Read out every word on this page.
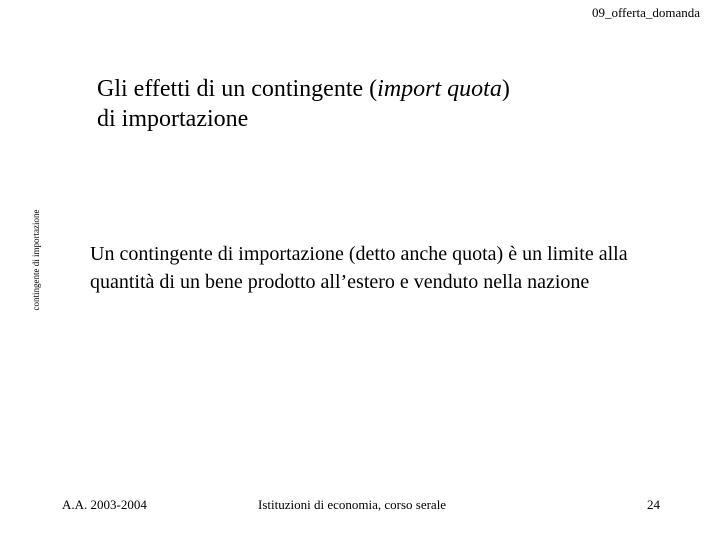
09_offerta_domanda
contingente di importazione
Gli effetti di un contingente (import quota)
di importazione
Un contingente di importazione (detto anche quota) è un limite alla quantità di un bene prodotto all’estero e venduto nella nazione
A.A. 2003-2004	Istituzioni di economia, corso serale	24
